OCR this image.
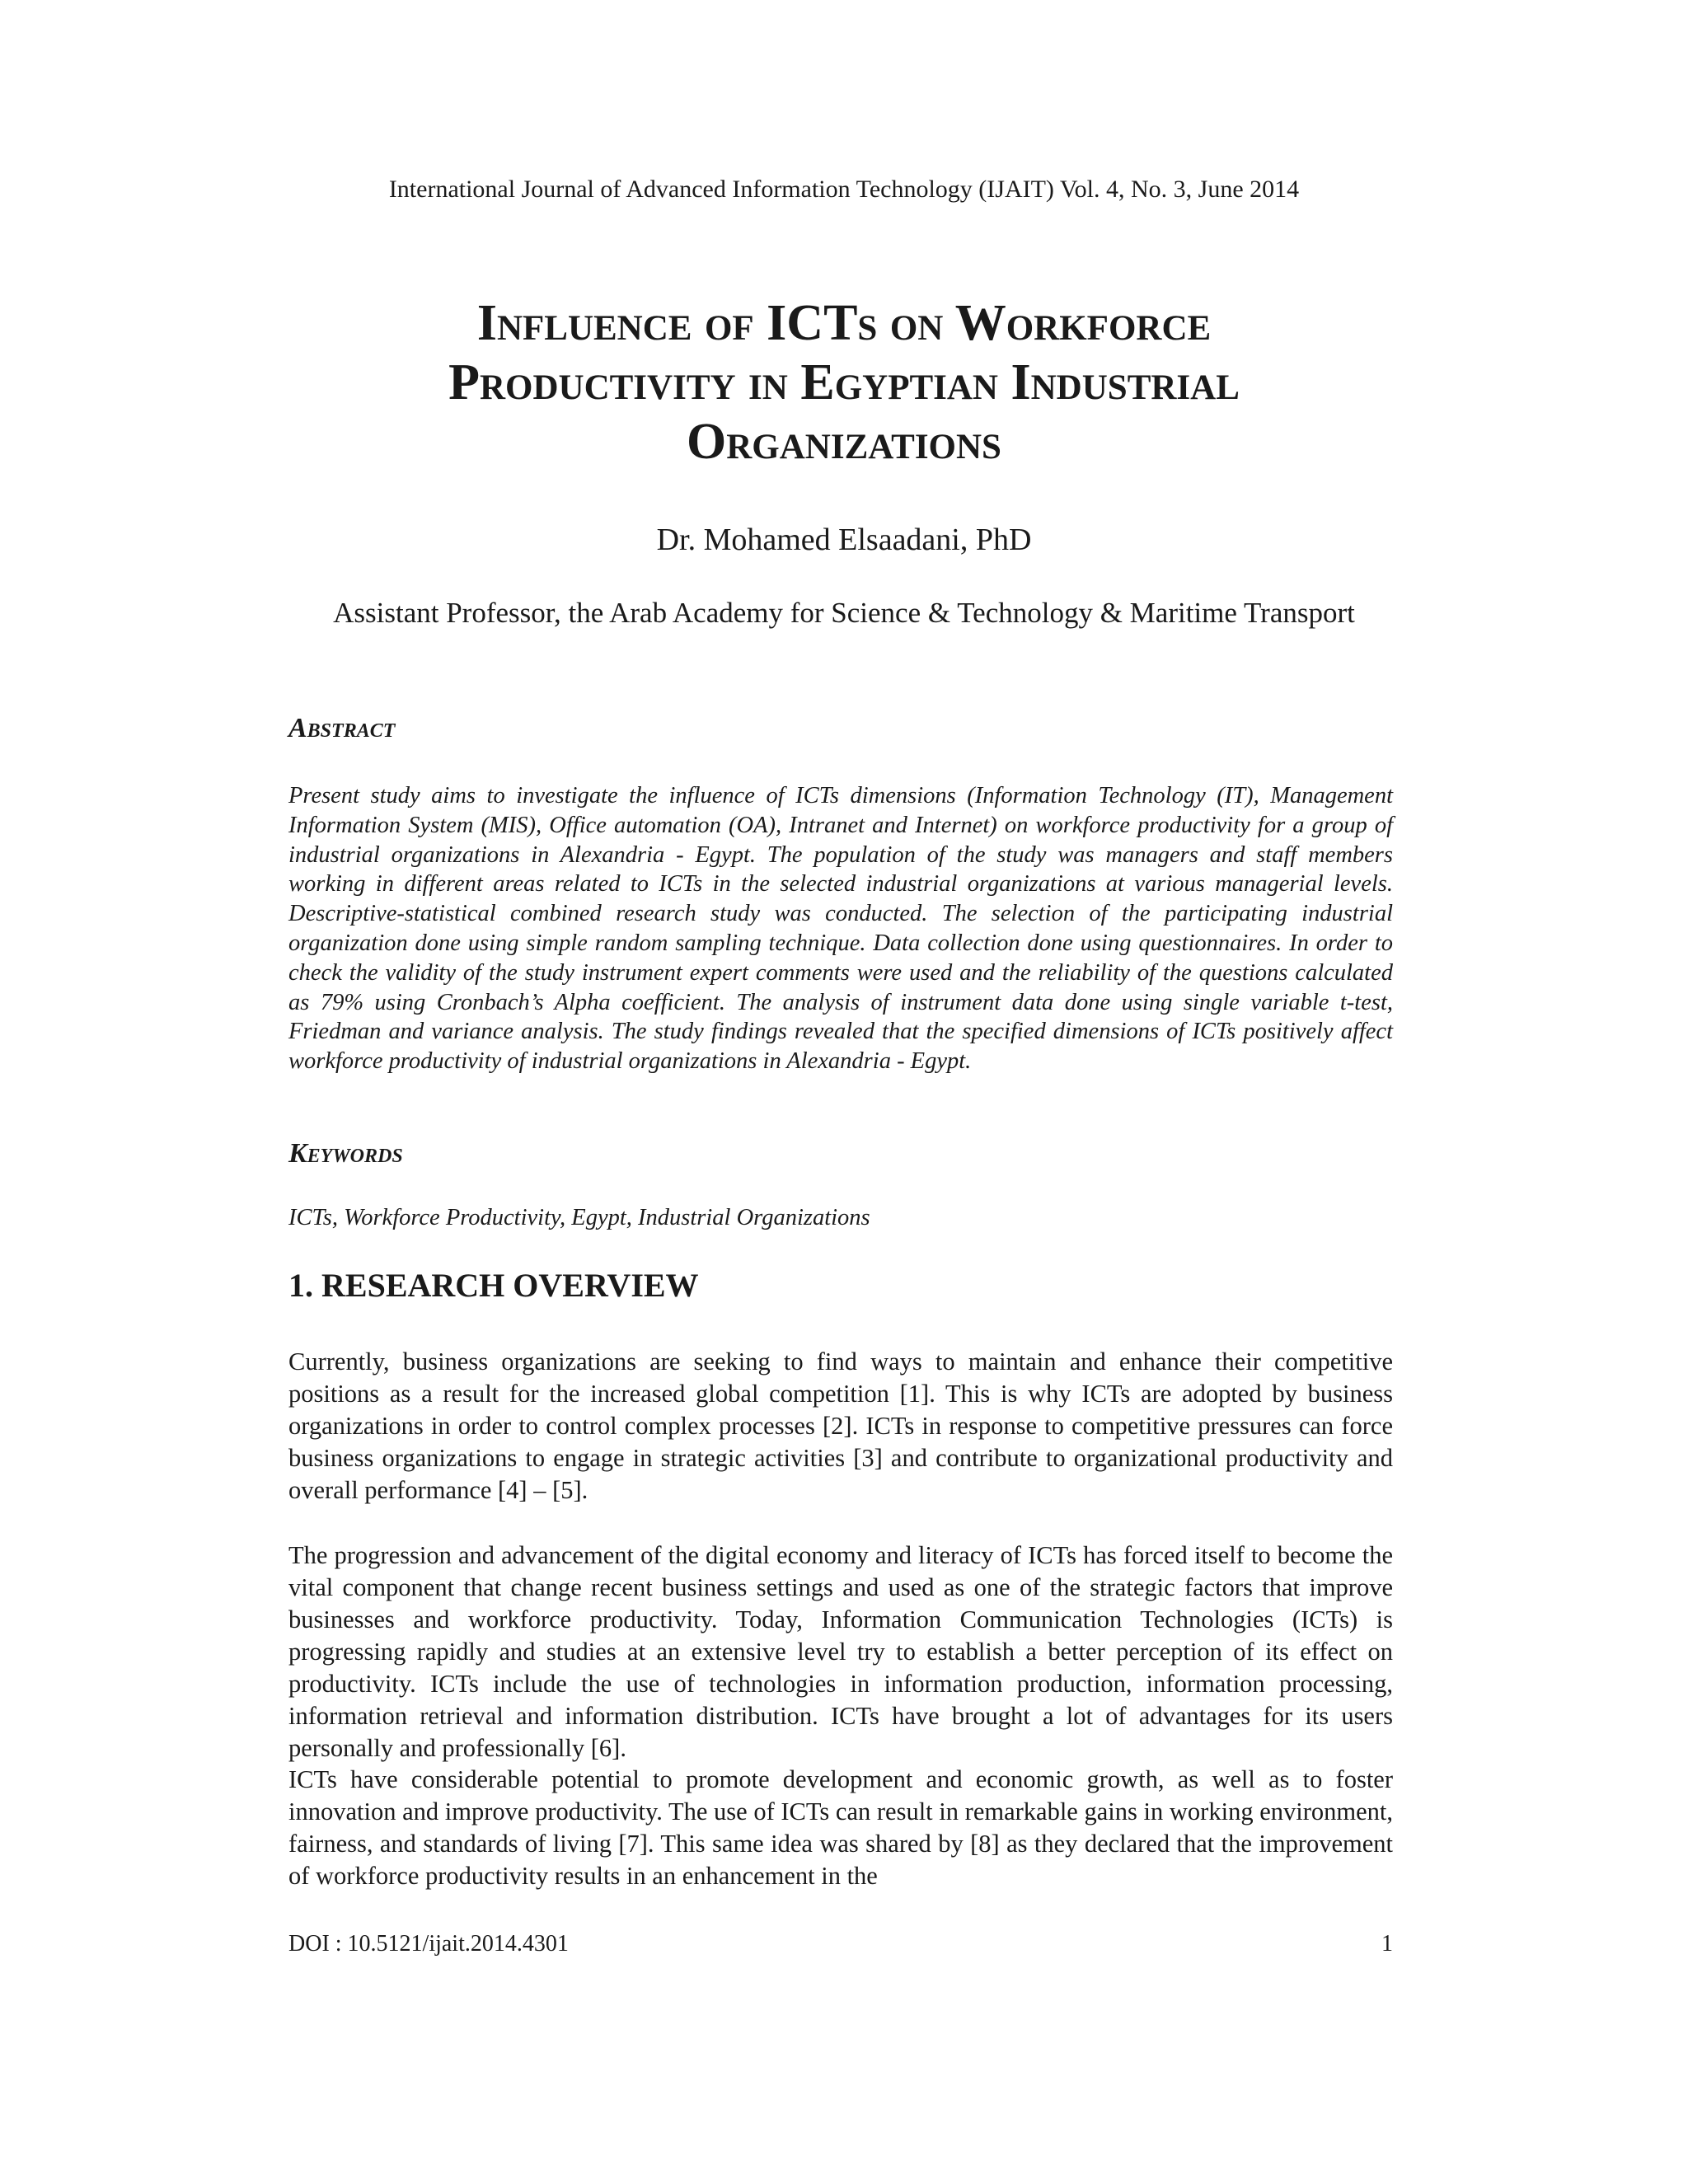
International Journal of Advanced Information Technology (IJAIT) Vol. 4, No. 3, June 2014
Influence of ICTs on Workforce
Productivity in Egyptian Industrial
Organizations
Dr. Mohamed Elsaadani, PhD
Assistant Professor, the Arab Academy for Science & Technology & Maritime Transport
Abstract
Present study aims to investigate the influence of ICTs dimensions (Information Technology (IT), Management Information System (MIS), Office automation (OA), Intranet and Internet) on workforce productivity for a group of industrial organizations in Alexandria - Egypt. The population of the study was managers and staff members working in different areas related to ICTs in the selected industrial organizations at various managerial levels. Descriptive-statistical combined research study was conducted. The selection of the participating industrial organization done using simple random sampling technique. Data collection done using questionnaires. In order to check the validity of the study instrument expert comments were used and the reliability of the questions calculated as 79% using Cronbach’s Alpha coefficient. The analysis of instrument data done using single variable t-test, Friedman and variance analysis. The study findings revealed that the specified dimensions of ICTs positively affect workforce productivity of industrial organizations in Alexandria - Egypt.
Keywords
ICTs, Workforce Productivity, Egypt, Industrial Organizations
1. RESEARCH OVERVIEW

Currently, business organizations are seeking to find ways to maintain and enhance their competitive positions as a result for the increased global competition [1]. This is why ICTs are adopted by business organizations in order to control complex processes [2]. ICTs in response to competitive pressures can force business organizations to engage in strategic activities [3] and contribute to organizational productivity and overall performance [4] – [5].

The progression and advancement of the digital economy and literacy of ICTs has forced itself to become the vital component that change recent business settings and used as one of the strategic factors that improve businesses and workforce productivity. Today, Information Communication Technologies (ICTs) is progressing rapidly and studies at an extensive level try to establish a better perception of its effect on productivity. ICTs include the use of technologies in information production, information processing, information retrieval and information distribution. ICTs have brought a lot of advantages for its users personally and professionally [6].

ICTs have considerable potential to promote development and economic growth, as well as to foster innovation and improve productivity. The use of ICTs can result in remarkable gains in working environment, fairness, and standards of living [7]. This same idea was shared by [8] as they declared that the improvement of workforce productivity results in an enhancement in the

DOI : 10.5121/ijait.2014.4301	1
